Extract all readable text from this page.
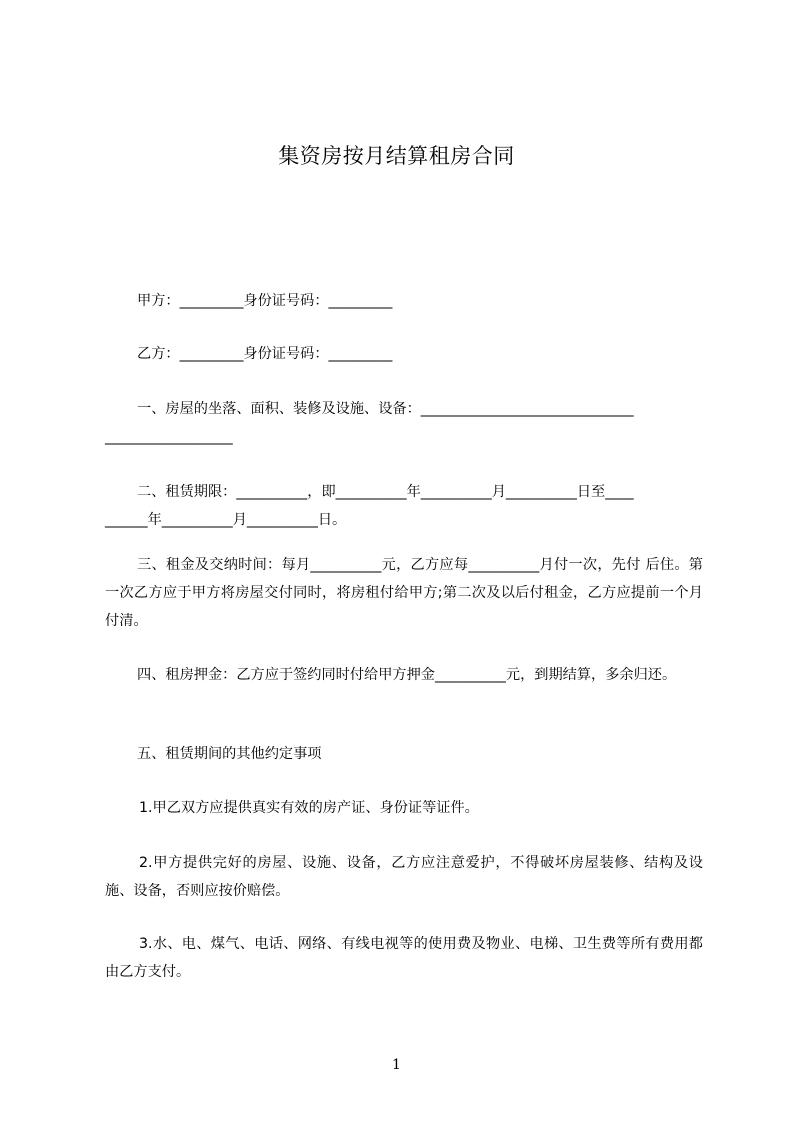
集资房按月结算租房合同
甲方：_________身份证号码：_________
乙方：_________身份证号码：_________
一、房屋的坐落、面积、装修及设施、设备：______________________________
__________________
二、租赁期限：__________，即__________年__________月__________日至____
______年__________月__________日。
三、租金及交纳时间：每月__________元，乙方应每__________月付一次，先付 后住。第一次乙方应于甲方将房屋交付同时，将房租付给甲方;第二次及以后付租金，乙方应提前一个月付清。
四、租房押金：乙方应于签约同时付给甲方押金__________元，到期结算，多余归还。
五、租赁期间的其他约定事项
1.甲乙双方应提供真实有效的房产证、身份证等证件。
2.甲方提供完好的房屋、设施、设备，乙方应注意爱护，不得破坏房屋装修、结构及设施、设备，否则应按价赔偿。
3.水、电、煤气、电话、网络、有线电视等的使用费及物业、电梯、卫生费等所有费用都由乙方支付。
1
